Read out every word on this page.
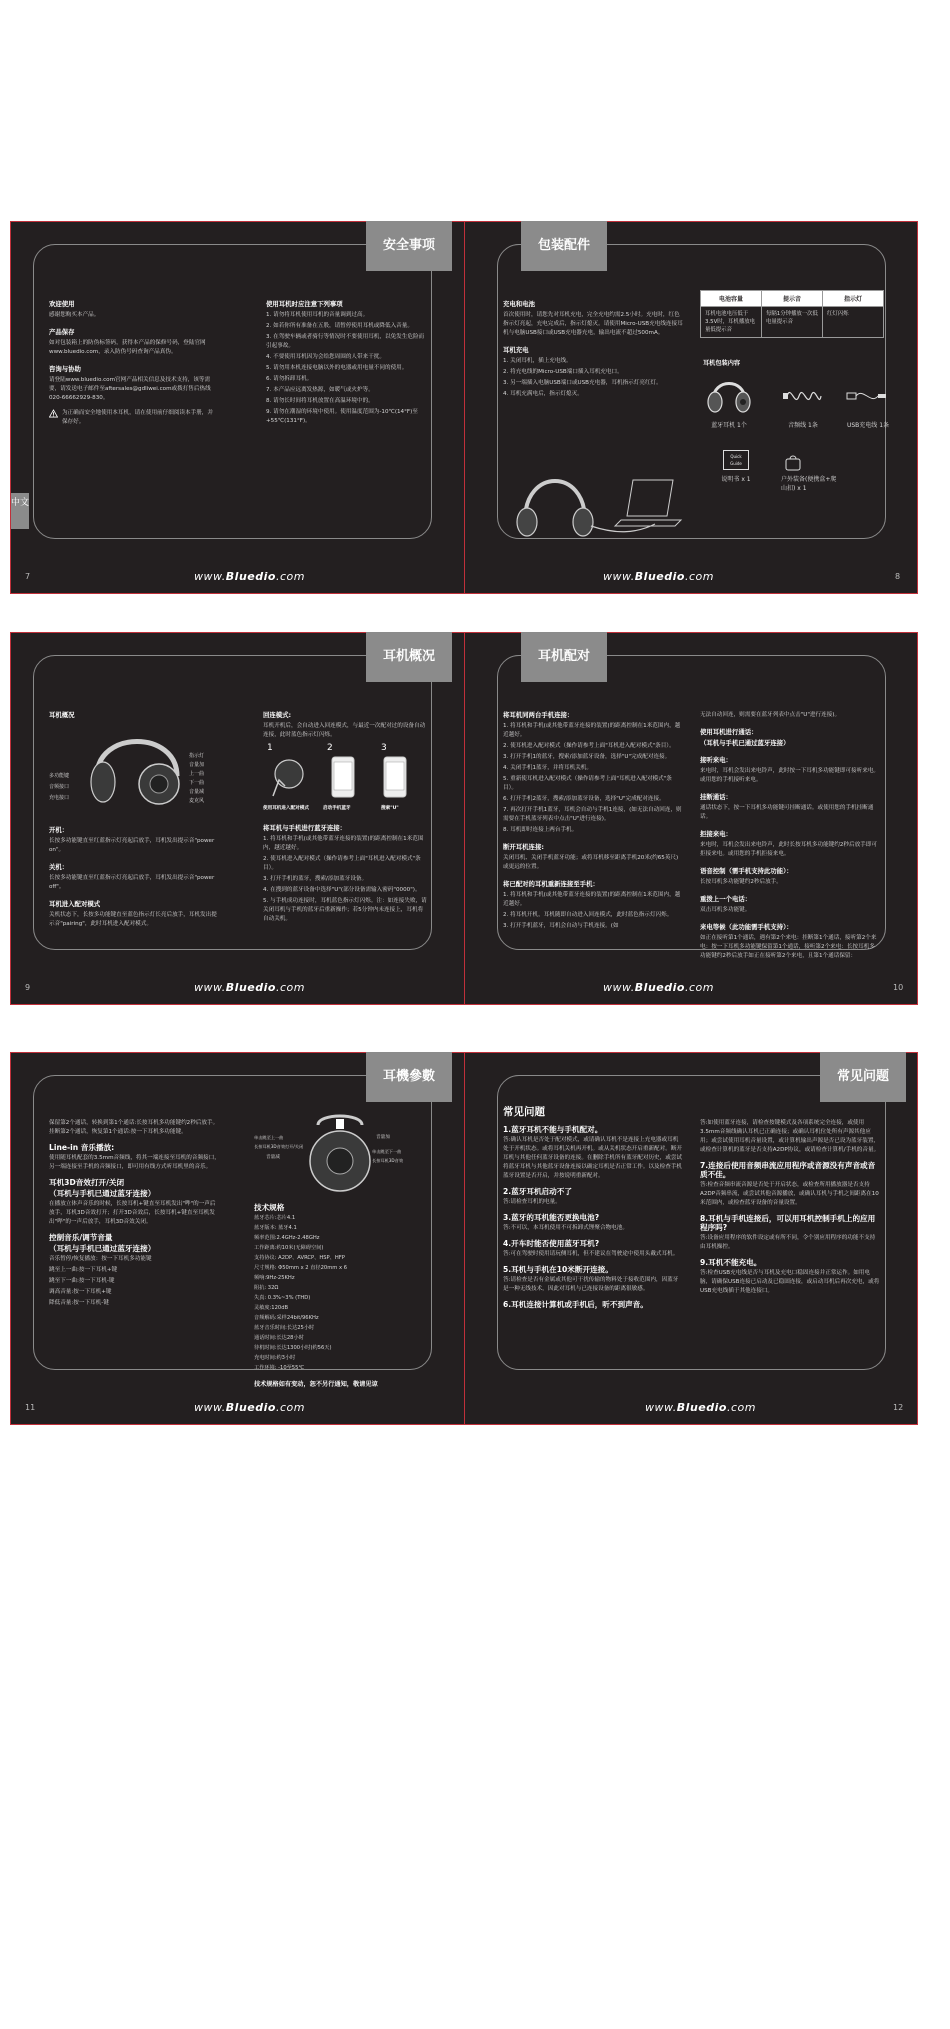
安全事项
中文
欢迎使用

感谢您购买本产品。

产品保存

如对包装箱上的防伪标签码，获得本产品的保修号码，登陆官网www.bluedio.com，录入防伪号码查询产品真伪。

咨询与协助

请登陆www.bluedio.com官网产品相关信息及技术支持，该等需要，请发送电子邮件至aftersales@gdliwei.com或拨打售后热线020-66662929-830。

为正确而安全地使用本耳机，请在使用前仔细阅读本手册，并保存好。
使用耳机时应注意下列事项

1. 请勿将耳机使用耳机的音量调到过高。

2. 如若你所有准备在五股，请暂停使用耳机或降低入音量。

3. 在驾驶车辆或者骑行等情况时不要使用耳机，以免发生危险而引起事故。

4. 不要使用耳机因为会给您周围的人带来干扰。

5. 请勿用本机连接电脑以外的电器或用电量不同的使用。

6. 请勿拆卸耳机。

7. 本产品应远离发热源，如暖气或火炉等。

8. 请勿长时间将耳机放置在高温环境中的。

9. 请勿在潮湿的环境中使用。使用温度范围为-10℃(14°F)至+55℃(131°F)。

www.Bluedio.com
7
包装配件
充电和电池

首次使用时，请您先对耳机充电，完全充电约需2.5小时。充电时，红色指示灯亮起，充电完成后，指示灯熄灭。请使用Micro-USB充电线连接耳机与电脑USB接口或USB充电器充电，输出电流不超过500mA。

耳机充电

1. 关闭耳机，插上充电线。

2. 将充电线的Micro-USB端口插入耳机充电口。

3. 另一端插入电脑USB端口或USB充电器，耳机指示灯亮红灯。

4. 耳机充满电后，指示灯熄灭。

电池容量	提示音	指示灯
耳机电池电压低于3.5V时，耳机播放电量低提示音	每隔1分钟播放一次低电量提示音	红灯闪烁
耳机包装内容
蓝牙耳机 1个	音频线 1条	USB充电线 1条
Quick
Guide
说明书 x 1	户外装备(便携盒+爬山扣) x 1
www.Bluedio.com	8
耳机概况
耳机概况
多功能键
音频接口
充电接口
指示灯
音量加
上一曲
下一曲
音量减
麦克风
开机：

长按多功能键直至红蓝指示灯亮起后放手，耳机发出提示音"power on"。

关机：

长按多功能键直至红蓝指示灯亮起后放手，耳机发出提示音"power off"。

耳机进入配对模式

关机状态下，长按多功能键直至蓝色指示灯长亮后放手，耳机发出提示音"pairing"，此时耳机进入配对模式。

回连模式:

耳机开机后，会自动进入回连模式，与最近一次配对过的设备自动连接，此时蓝色指示灯闪烁。

1	2	3
使用耳机进入配对模式	启动手机蓝牙	搜索"U"
将耳机与手机进行蓝牙连接：

1. 将耳机和手机(或其他带蓝牙连接的装置)的距离控制在1米范围内，越近越好。

2. 使耳机进入配对模式（操作请参考上面"耳机进入配对模式"条目）。

3. 打开手机的蓝牙，搜索/添加蓝牙设备。

4. 在搜到的蓝牙设备中选择"U"(部分设备需输入密码"0000")。

5. 与手机成功连接时，耳机蓝色指示灯闪烁。注：如连接失败，请关闭耳机与手机的蓝牙后重新操作；若5分钟内未连接上，耳机将自动关机。

www.Bluedio.com
9
耳机配对
将耳机同两台手机连接：

1. 将耳机和手机(或其他带蓝牙连接的装置)的距离控制在1米范围内，越近越好。

2. 使耳机进入配对模式（操作请参考上面"耳机进入配对模式"条目）。

3. 打开手机1的蓝牙，搜索/添加蓝牙设备，选择"U"完成配对连接。

4. 关闭手机1蓝牙，并将耳机关机。

5. 重新使耳机进入配对模式（操作请参考上面"耳机进入配对模式"条目）。

6. 打开手机2蓝牙，搜索/添加蓝牙设备，选择"U"完成配对连接。

7. 再次打开手机1蓝牙，耳机会自动与手机1连接，(如无法自动回连，则需要在手机蓝牙列表中点击"U"进行连接)。

8. 耳机即时连接上两台手机。

断开耳机连接:

关闭耳机、关闭手机蓝牙功能；或将耳机移至距离手机20米(约65英尺)或更远的位置。

将已配对的耳机重新连接至手机：

1. 将耳机和手机(或其他带蓝牙连接的装置)的距离控制在1米范围内，越近越好。

2. 将耳机开机，耳机随即自动进入回连模式，此时蓝色指示灯闪烁。

3. 打开手机蓝牙，耳机会自动与手机连接。(如

无法自动回连，则需要在蓝牙列表中点击"U"进行连接)。

使用耳机进行通话：
（耳机与手机已通过蓝牙连接）
接听来电：

来电时，耳机会发出来电铃声，此时按一下耳机多功能键即可接听来电。或用您的手机接听来电。

挂断通话：

通话状态下，按一下耳机多功能键可挂断通话。或使用您的手机挂断通话。

拒接来电：

来电时，耳机会发出来电铃声，此时长按耳机多功能键约2秒后放手即可拒接来电。或用您的手机拒接来电。

语音控制（需手机支持此功能）：

长按耳机多功能键约2秒后放手。

重拨上一个电话：

双击耳机多功能键。

来电等候（此功能需手机支持）：

如正在接听第1个通话，遇有第2个来电：挂断第1个通话，接听第2个来电：按一下耳机多功能键保留第1个通话，接听第2个来电：长按耳机多功能键约2秒后放手如正在接听第2个来电，且第1个通话保留：

www.Bluedio.com	10
耳機參數

保留第2个通话，转换到第1个通话:长按耳机多功能键约2秒后放手。挂断第2个通话，恢复第1个通话:按一下耳机多功能键。

Line-in 音乐播放:

使用随耳机配套的3.5mm音频线，将其一端连接至耳机的音频接口，另一端连接至手机的音频接口，即可用有线方式听耳机里的音乐。

耳机3D音效打开/关闭
（耳机与手机已通过蓝牙连接）

在播放立体声音乐的时候，长按耳机+键直至耳机发出"哔"的一声后放手，耳机3D音效打开；打开3D音效后，长按耳机+键直至耳机发出"哔"的一声后放手，耳机3D音效关闭。

控制音乐/调节音量
（耳机与手机已通过蓝牙连接）

音乐暂停/恢复播放：按一下耳机多功能键

跳至上一曲:按一下耳机+键

跳至下一曲:按一下耳机-键

调高音量:按一下耳机+键

降低音量:按一下耳机-键

单击跳至上一曲
长按耳机3D音效打开/关闭
音量加
音量减
单击跳至下一曲
长按耳机3D音效
技术规格

蓝牙芯片:芯片4.1

蓝牙版本: 蓝牙4.1

频率范围:2.4GHz-2.48GHz

工作距离:约10米(无障碍空间)

支持协议: A2DP、AVRCP、HSP、HFP

尺寸规格: Φ50mm x 2 直径20mm x 6

频响:9Hz-25KHz

阻抗: 32Ω

失真: 0.3%~3% (THD)

灵敏度:120dB

音频解码:采样24bit/96KHz

蓝牙音乐时间:长达25小时

通话时间:长达28小时

待机时间:长达1300小时(约56天)

充电时间:约3小时

工作环境: -10至55℃

技术规格如有变动，恕不另行通知，敬请见谅
www.Bluedio.com
11
常见问题
常见问题
1.蓝牙耳机不能与手机配对。

答:确认耳机是否处于配对模式，或请确认耳机不是连接上充电器或耳机处于开机状态。或将耳机关机再开机。或从关机状态开启重新配对。断开耳机与其他任何蓝牙设备的连接。在删除手机所有蓝牙配对历史，或尝试将蓝牙耳机与其他蓝牙设备连接以确定耳机是否正常工作。以及检查手机蓝牙设置是否开启，并按说明重新配对。

2.蓝牙耳机启动不了

答:请检查耳机的电量。

3.蓝牙的耳机能否更换电池?

答:不可以，本耳机使用不可拆卸式锂聚合物电池。

4.开车时能否使用蓝牙耳机?

答:可在驾驶时使用请玩侧耳机，但不建议在驾驶途中使用头戴式耳机。

5.耳机与手机在10米断开连接。

答:请检查是否有金属或其他可干扰传输的物料处于接收范围内，因蓝牙是一种无线技术，因此对耳机与已连接设备的距离很敏感。

6.耳机连接计算机或手机后，听不到声音。

答:如使用蓝牙连接，请检查按键模式及各项系统完全连接，或使用3.5mm音频线确认耳机已正确连接；或确认耳机位处所有声源其他应用；或尝试使用耳机音量设置，或计算机输出声源是否已设为蓝牙装置，或检查计算机的蓝牙是否支持A2DP协议，或请检查计算机/手机的音量。

7.连接后使用音频串流应用程序或音源没有声音或音质不佳。

答:检查音频串流音源是否处于开启状态，或检查所用播放器是否支持A2DP音频串流，或尝试其他音源播放，或确认耳机与手机之间距离在10米范围内，或检查蓝牙设备的音量设置。

8.耳机与手机连接后，可以用耳机控制手机上的应用程序吗?

答:设备应用程序的软件设定或有所不同，令个别应用程序的功能不支持由耳机操控。

9.耳机不能充电。

答:检查USB充电线是否与耳机及充电口稳固连接并正常运作。如用电脑，请确保USB连接已启动及已稳固连接，或启动耳机后再次充电，或将USB充电线插于其他连接口。

www.Bluedio.com	12
